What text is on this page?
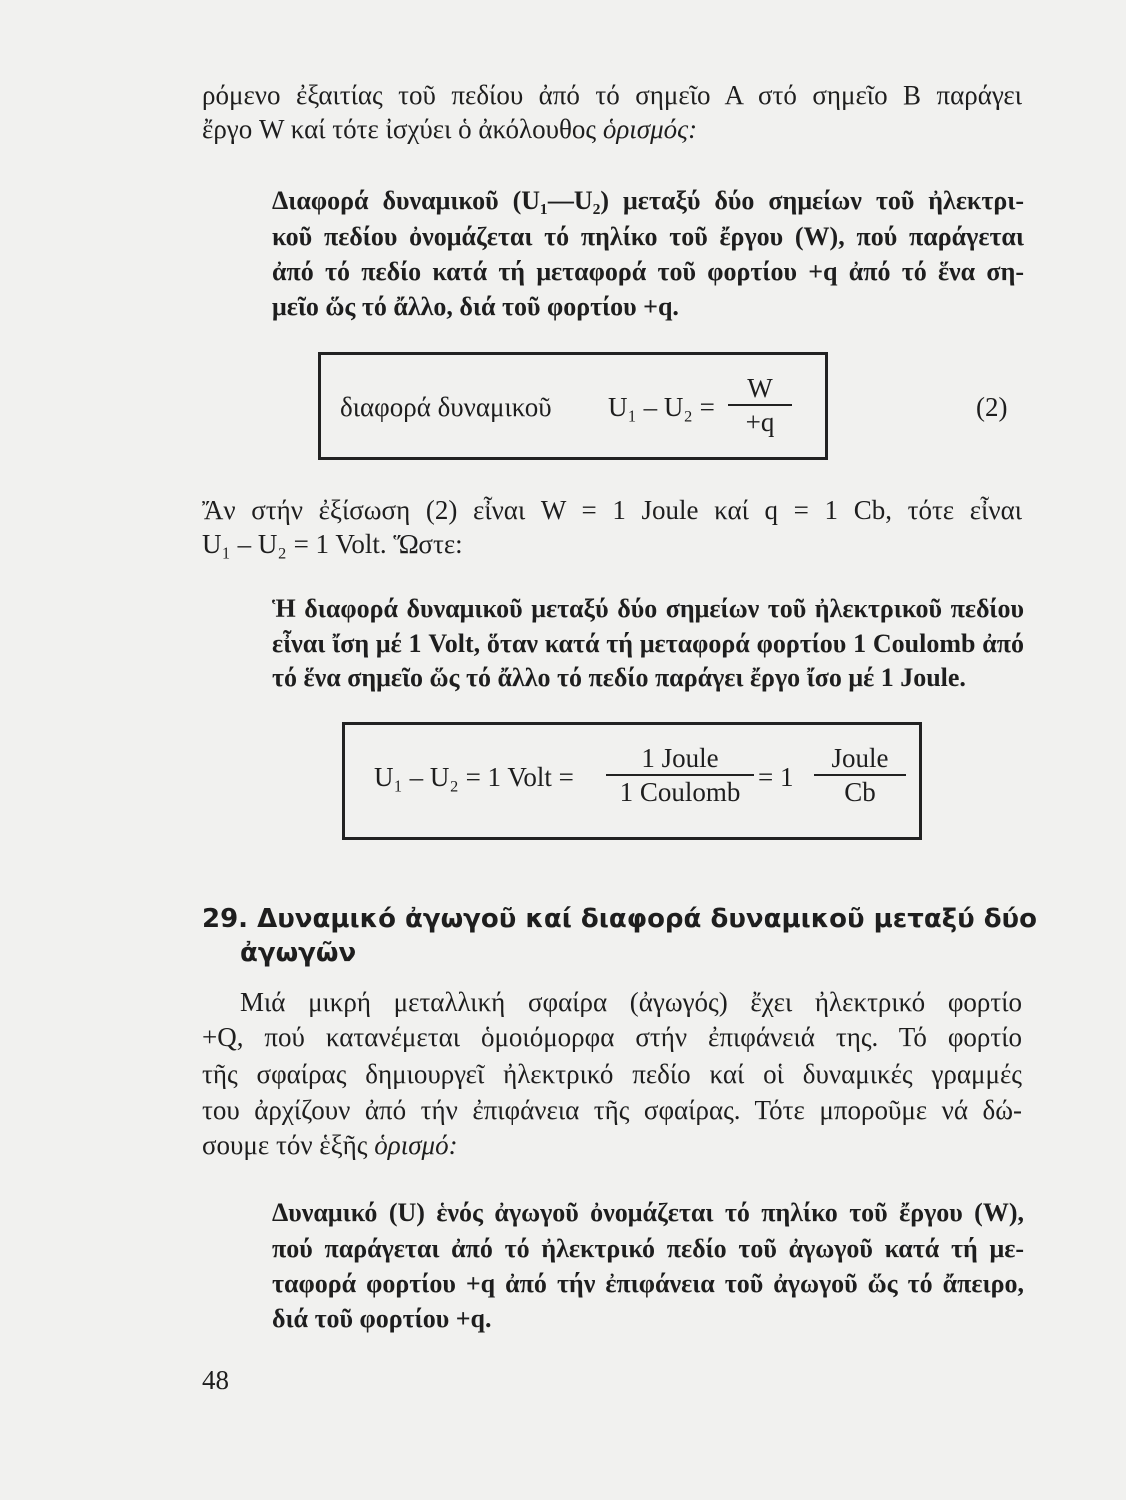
ρόμενο ἐξαιτίας τοῦ πεδίου ἀπό τό σημεῖο Α στό σημεῖο Β παράγει
ἔργο W καί τότε ἰσχύει ὁ ἀκόλουθος ὁρισμός:
Διαφορά δυναμικοῦ (U₁—U₂) μεταξύ δύο σημείων τοῦ ἠλεκτρι-
κοῦ πεδίου ὀνομάζεται τό πηλίκο τοῦ ἔργου (W), πού παράγεται
ἀπό τό πεδίο κατά τή μεταφορά τοῦ φορτίου +q ἀπό τό ἕνα ση-
μεῖο ὥς τό ἄλλο, διά τοῦ φορτίου +q.
διαφορά δυναμικοῦ $U_1 - U_2 = \frac{W}{+q}$	(2)
Ἄν στήν ἐξίσωση (2) εἶναι W = 1 Joule καί q = 1 Cb, τότε εἶναι
U₁ – U₂ = 1 Volt. Ὥστε:
Ἡ διαφορά δυναμικοῦ μεταξύ δύο σημείων τοῦ ἠλεκτρικοῦ πεδίου
εἶναι ἴση μέ 1 Volt, ὅταν κατά τή μεταφορά φορτίου 1 Coulomb ἀπό
τό ἕνα σημεῖο ὥς τό ἄλλο τό πεδίο παράγει ἔργο ἴσο μέ 1 Joule.
U₁ – U₂ = 1 Volt =
1 Joule
1 Coulomb = 1
Joule
Cb
29. Δυναμικό ἀγωγοῦ καί διαφορά δυναμικοῦ μεταξύ δύο
ἀγωγῶν
Μιά μικρή μεταλλική σφαίρα (ἀγωγός) ἔχει ἠλεκτρικό φορτίο
+Q, πού κατανέμεται ὁμοιόμορφα στήν ἐπιφάνειά της. Τό φορτίο
τῆς σφαίρας δημιουργεῖ ἠλεκτρικό πεδίο καί οἱ δυναμικές γραμμές
του ἀρχίζουν ἀπό τήν ἐπιφάνεια τῆς σφαίρας. Τότε μποροῦμε νά δώ-
σουμε τόν ἑξῆς ὁρισμό:
Δυναμικό (U) ἑνός ἀγωγοῦ ὀνομάζεται τό πηλίκο τοῦ ἔργου (W),
πού παράγεται ἀπό τό ἠλεκτρικό πεδίο τοῦ ἀγωγοῦ κατά τή με-
ταφορά φορτίου +q ἀπό τήν ἐπιφάνεια τοῦ ἀγωγοῦ ὥς τό ἄπειρο,
διά τοῦ φορτίου +q.
48
